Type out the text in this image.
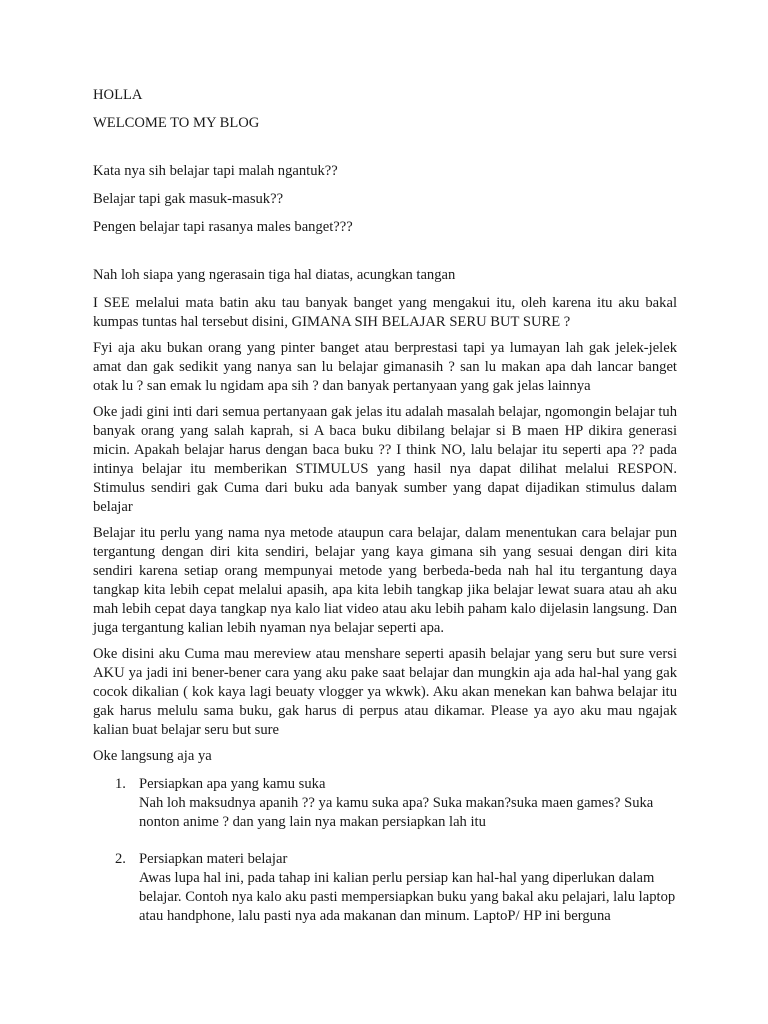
HOLLA

WELCOME TO MY BLOG

Kata nya sih belajar tapi malah ngantuk??

Belajar tapi gak masuk-masuk??

Pengen belajar tapi rasanya males banget???

Nah loh siapa yang ngerasain tiga hal diatas, acungkan tangan

I SEE melalui mata batin aku tau banyak banget yang mengakui itu, oleh karena itu aku bakal kumpas tuntas hal tersebut disini, GIMANA SIH BELAJAR SERU BUT SURE ?

Fyi aja aku bukan orang yang pinter banget atau berprestasi tapi ya lumayan lah gak jelek-jelek amat dan gak sedikit yang nanya san lu belajar gimanasih ? san lu makan apa dah lancar banget otak lu ? san emak lu ngidam apa sih ? dan banyak pertanyaan yang gak jelas lainnya

Oke jadi gini inti dari semua pertanyaan gak jelas itu adalah masalah belajar, ngomongin belajar tuh banyak orang yang salah kaprah, si A baca buku dibilang belajar si B maen HP dikira generasi micin. Apakah belajar harus dengan baca buku ?? I think NO, lalu belajar itu seperti apa ?? pada intinya belajar itu memberikan STIMULUS yang hasil nya dapat dilihat melalui RESPON. Stimulus sendiri gak Cuma dari buku ada banyak sumber yang dapat dijadikan stimulus dalam belajar

Belajar itu perlu yang nama nya metode ataupun cara belajar, dalam menentukan cara belajar pun tergantung dengan diri kita sendiri, belajar yang kaya gimana sih yang sesuai dengan diri kita sendiri karena setiap orang mempunyai metode yang berbeda-beda nah hal itu tergantung daya tangkap kita lebih cepat melalui apasih, apa kita lebih tangkap jika belajar lewat suara atau ah aku mah lebih cepat daya tangkap nya kalo liat video atau aku lebih paham kalo dijelasin langsung. Dan juga tergantung kalian lebih nyaman nya belajar seperti apa.

Oke disini aku Cuma mau mereview atau menshare seperti apasih belajar yang seru but sure versi AKU ya jadi ini bener-bener cara yang aku pake saat belajar dan mungkin aja ada hal-hal yang gak cocok dikalian ( kok kaya lagi beuaty vlogger ya wkwk). Aku akan menekan kan bahwa belajar itu gak harus melulu sama buku, gak harus di perpus atau dikamar. Please ya ayo aku mau ngajak kalian buat belajar seru but sure

Oke langsung aja ya

1. Persiapkan apa yang kamu suka
Nah loh maksudnya apanih ?? ya kamu suka apa? Suka makan?suka maen games? Suka nonton anime ? dan yang lain nya makan persiapkan lah itu
2. Persiapkan materi belajar
Awas lupa hal ini, pada tahap ini kalian perlu persiap kan hal-hal yang diperlukan dalam belajar. Contoh nya kalo aku pasti mempersiapkan buku yang bakal aku pelajari, lalu laptop atau handphone, lalu pasti nya ada makanan dan minum. LaptoP/ HP ini berguna
